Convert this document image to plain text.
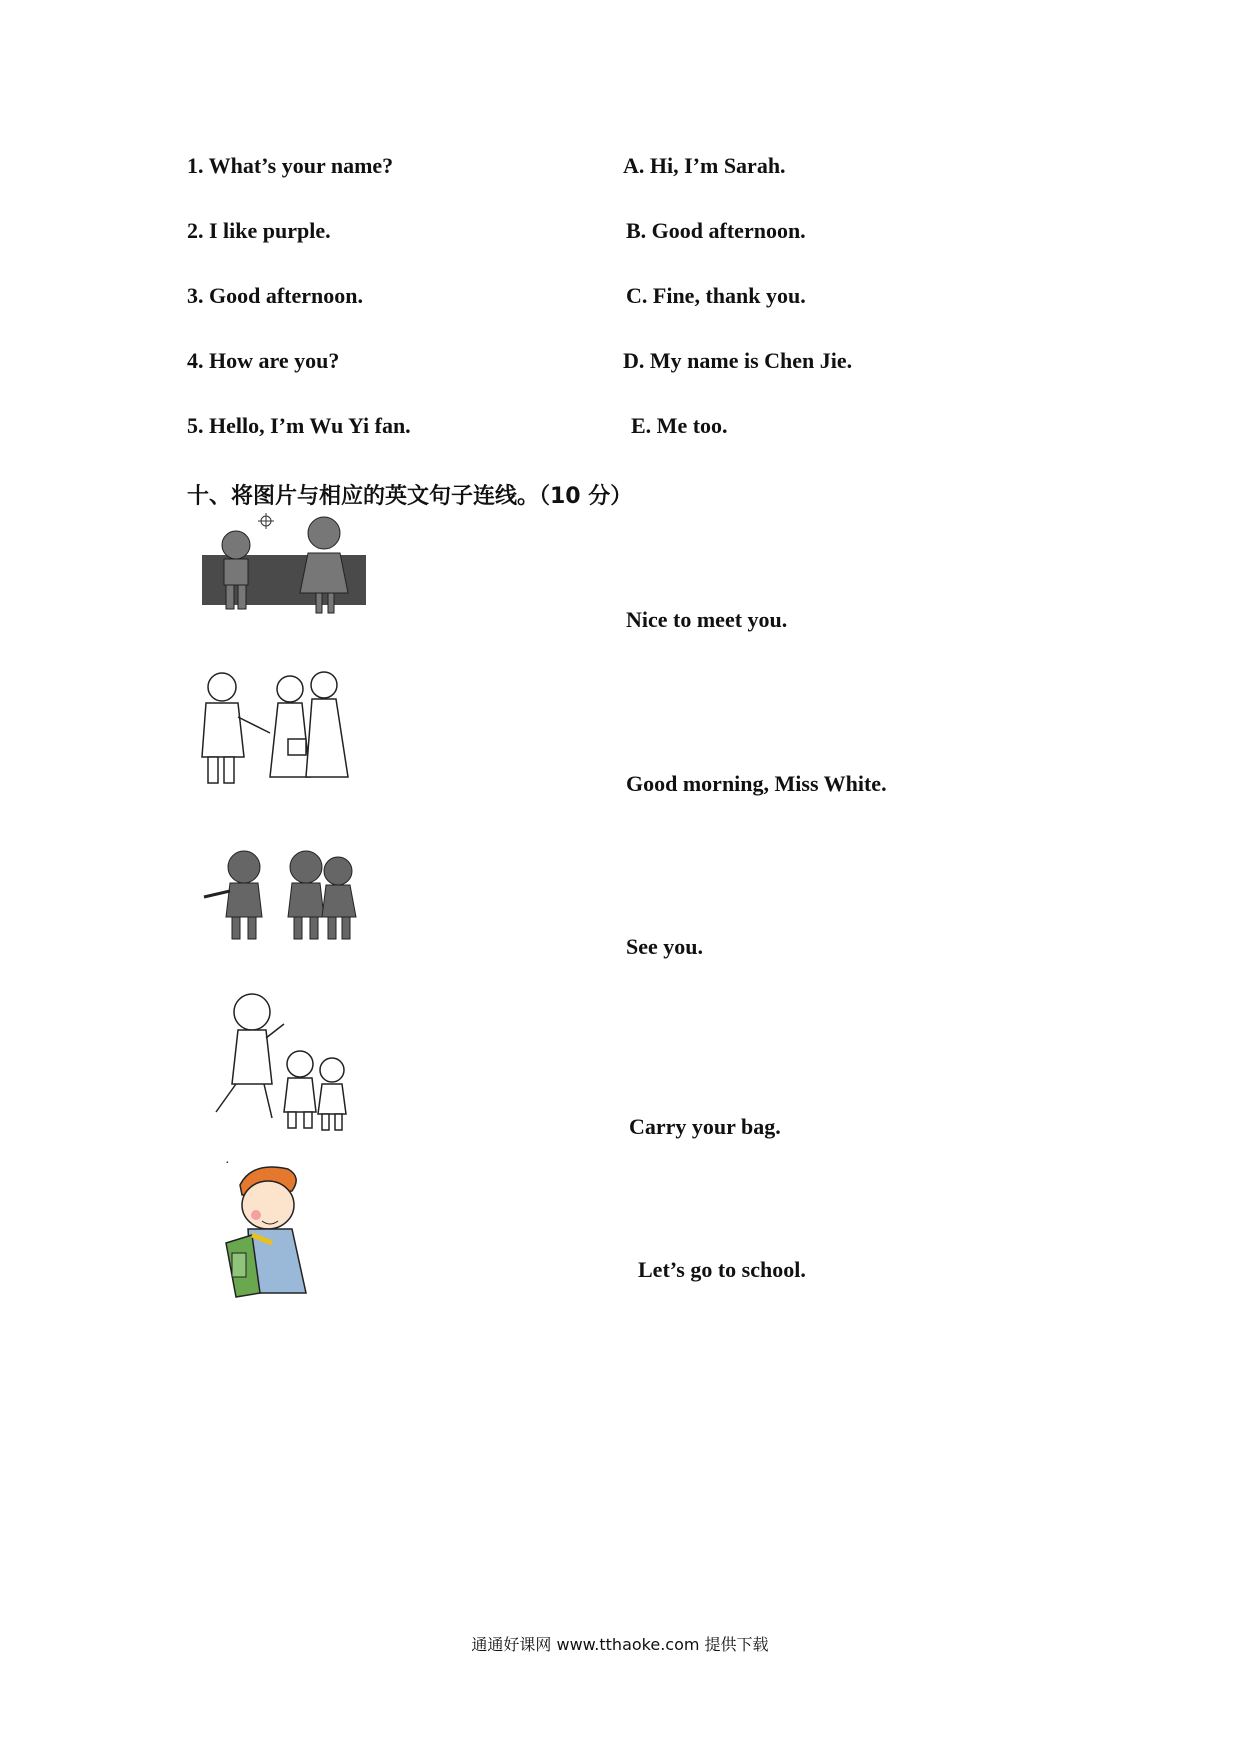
1. What’s your name?
2. I like purple.
3. Good afternoon.
4. How are you?
5. Hello, I’m Wu Yi fan.
A. Hi, I’m Sarah.
B. Good afternoon.
C. Fine, thank you.
D. My name is Chen Jie.
E. Me too.
十、将图片与相应的英文句子连线。（10 分）
Nice to meet you.
Good morning, Miss White.
See you.
Carry your bag.
·
Let’s go to school.
通通好课网 www.tthaoke.com 提供下载
